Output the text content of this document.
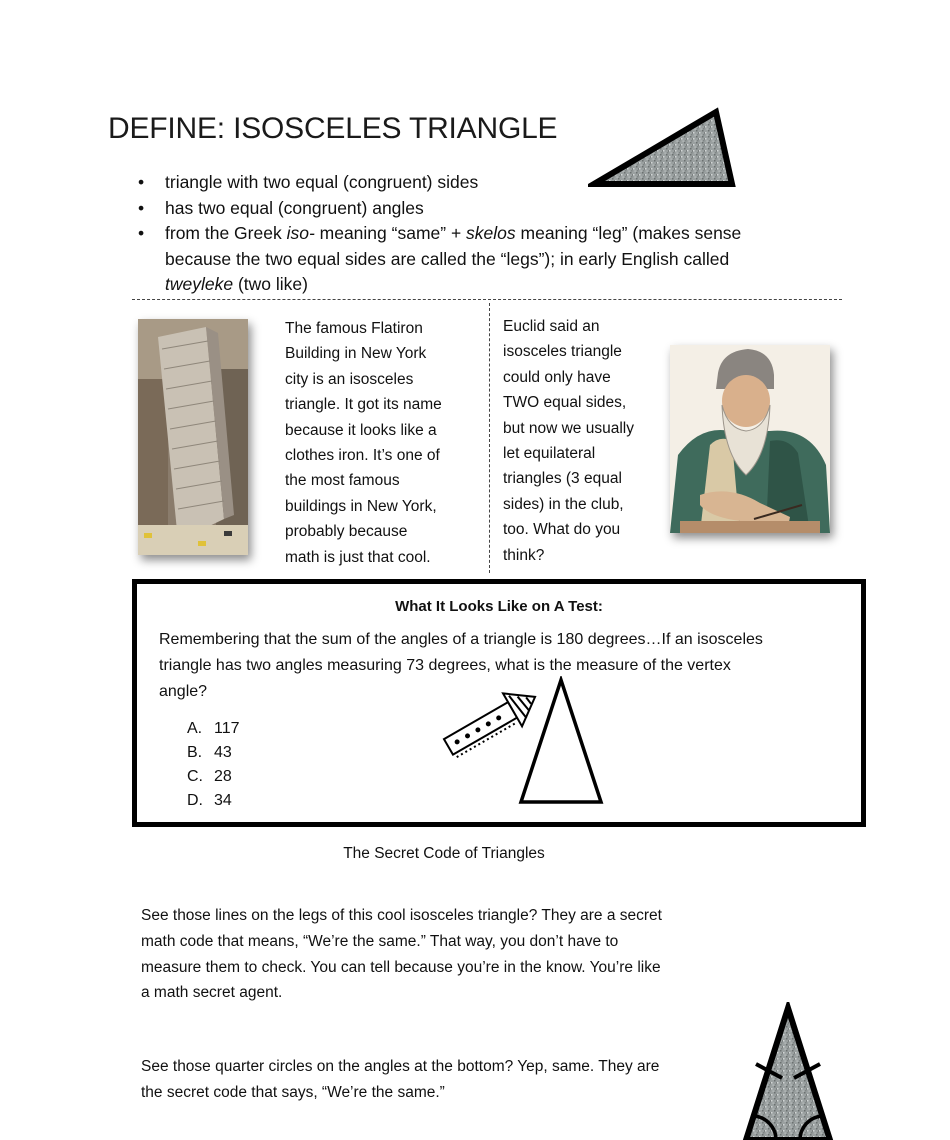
DEFINE: ISOSCELES TRIANGLE
• triangle with two equal (congruent) sides
• has two equal (congruent) angles
• from the Greek iso- meaning “same” + skelos meaning “leg” (makes sense
because the two equal sides are called the “legs”); in early English called
tweyleke (two like)
The famous Flatiron
Building in New York
city is an isosceles
triangle. It got its name
because it looks like a
clothes iron. It’s one of
the most famous
buildings in New York,
probably because
math is just that cool.
Euclid said an
isosceles triangle
could only have
TWO equal sides,
but now we usually
let equilateral
triangles (3 equal
sides) in the club,
too. What do you
think?
What It Looks Like on A Test:
Remembering that the sum of the angles of a triangle is 180 degrees…If an isosceles
triangle has two angles measuring 73 degrees, what is the measure of the vertex
angle?
A. 117
B. 43
C. 28
D. 34
The Secret Code of Triangles
See those lines on the legs of this cool isosceles triangle? They are a secret
math code that means, “We’re the same.” That way, you don’t have to
measure them to check. You can tell because you’re in the know. You’re like
a math secret agent.
See those quarter circles on the angles at the bottom? Yep, same. They are
the secret code that says, “We’re the same.”
